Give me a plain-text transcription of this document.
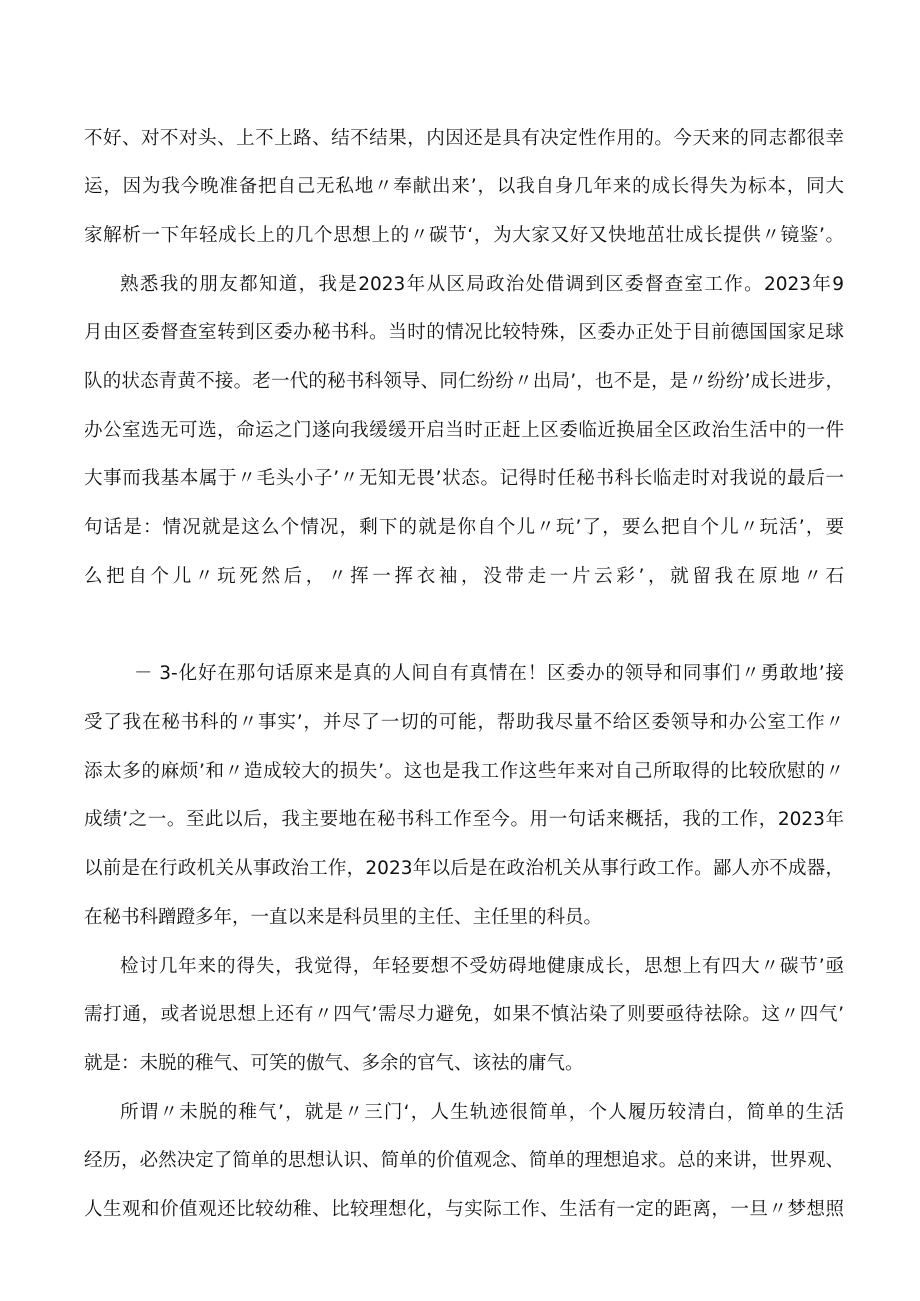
不好、对不对头、上不上路、结不结果，内因还是具有决定性作用的。今天来的同志都很幸
运，因为我今晚准备把自己无私地〃奉献出来’，以我自身几年来的成长得失为标本，同大
家解析一下年轻成长上的几个思想上的〃碳节‘，为大家又好又快地茁壮成长提供〃镜鉴’。
熟悉我的朋友都知道，我是2023年从区局政治处借调到区委督查室工作。2023年9
月由区委督查室转到区委办秘书科。当时的情况比较特殊，区委办正处于目前德国国家足球
队的状态青黄不接。老一代的秘书科领导、同仁纷纷〃出局’，也不是，是〃纷纷’成长进步，
办公室选无可选，命运之门遂向我缓缓开启当时正赶上区委临近换届全区政治生活中的一件
大事而我基本属于〃毛头小子’〃无知无畏’状态。记得时任秘书科长临走时对我说的最后一
句话是：情况就是这么个情况，剩下的就是你自个儿〃玩’了，要么把自个儿〃玩活’，要
么把自个儿〃玩死然后，〃挥一挥衣袖，没带走一片云彩’，就留我在原地〃石
－ 3-化好在那句话原来是真的人间自有真情在！区委办的领导和同事们〃勇敢地’接
受了我在秘书科的〃事实’，并尽了一切的可能，帮助我尽量不给区委领导和办公室工作〃
添太多的麻烦’和〃造成较大的损失’。这也是我工作这些年来对自己所取得的比较欣慰的〃
成绩’之一。至此以后，我主要地在秘书科工作至今。用一句话来概括，我的工作，2023年
以前是在行政机关从事政治工作，2023年以后是在政治机关从事行政工作。鄙人亦不成器，
在秘书科蹭蹬多年，一直以来是科员里的主任、主任里的科员。
检讨几年来的得失，我觉得，年轻要想不受妨碍地健康成长，思想上有四大〃碳节’亟
需打通，或者说思想上还有〃四气’需尽力避免，如果不慎沾染了则要亟待祛除。这〃四气’
就是：未脱的稚气、可笑的傲气、多余的官气、该祛的庸气。
所谓〃未脱的稚气’，就是〃三门‘，人生轨迹很简单，个人履历较清白，简单的生活
经历，必然决定了简单的思想认识、简单的价值观念、简单的理想追求。总的来讲，世界观、
人生观和价值观还比较幼稚、比较理想化，与实际工作、生活有一定的距离，一旦〃梦想照
